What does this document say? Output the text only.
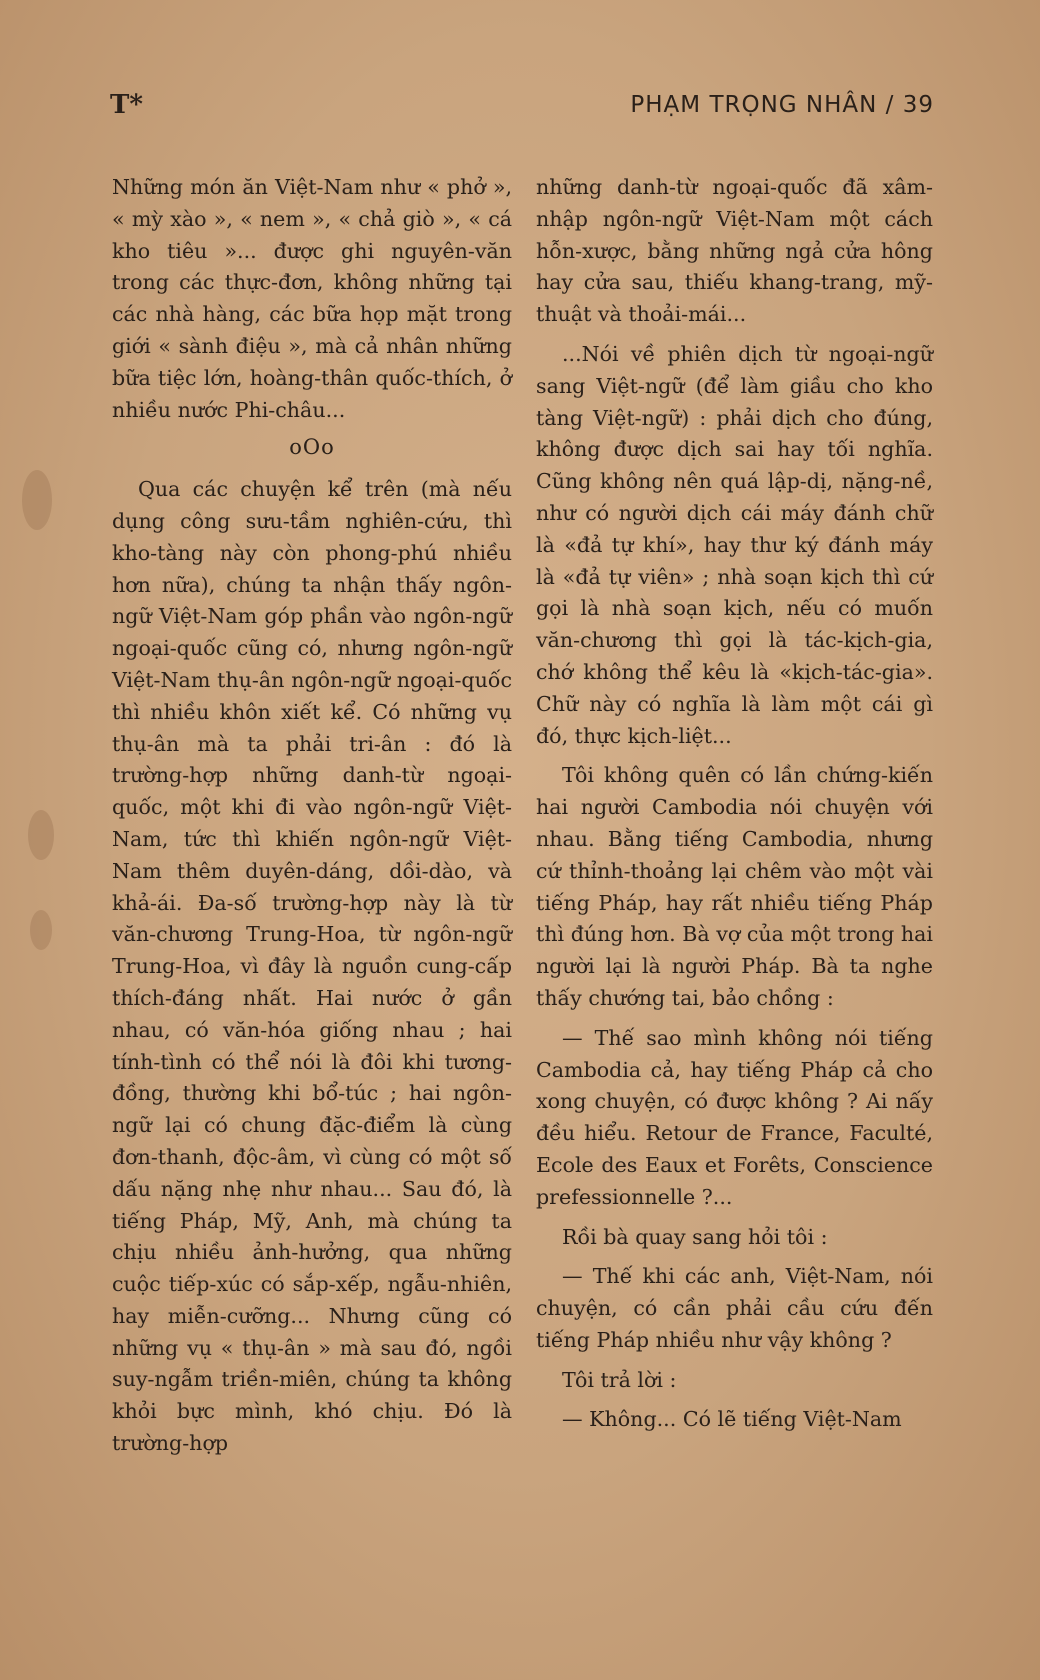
T*	PHẠM TRỌNG NHÂN / 39

Những món ăn Việt-Nam như « phở », « mỳ xào », « nem », « chả giò », « cá kho tiêu »... được ghi nguyên-văn trong các thực-đơn, không những tại các nhà hàng, các bữa họp mặt trong giới « sành điệu », mà cả nhân những bữa tiệc lớn, hoàng-thân quốc-thích, ở nhiều nước Phi-châu...

oOo

Qua các chuyện kể trên (mà nếu dụng công sưu-tầm nghiên-cứu, thì kho-tàng này còn phong-phú nhiều hơn nữa), chúng ta nhận thấy ngôn-ngữ Việt-Nam góp phần vào ngôn-ngữ ngoại-quốc cũng có, nhưng ngôn-ngữ Việt-Nam thụ-ân ngôn-ngữ ngoại-quốc thì nhiều khôn xiết kể. Có những vụ thụ-ân mà ta phải tri-ân : đó là trường-hợp những danh-từ ngoại-quốc, một khi đi vào ngôn-ngữ Việt-Nam, tức thì khiến ngôn-ngữ Việt-Nam thêm duyên-dáng, dồi-dào, và khả-ái. Đa-số trường-hợp này là từ văn-chương Trung-Hoa, từ ngôn-ngữ Trung-Hoa, vì đây là nguồn cung-cấp thích-đáng nhất. Hai nước ở gần nhau, có văn-hóa giống nhau ; hai tính-tình có thể nói là đôi khi tương-đồng, thường khi bổ-túc ; hai ngôn-ngữ lại có chung đặc-điểm là cùng đơn-thanh, độc-âm, vì cùng có một số dấu nặng nhẹ như nhau... Sau đó, là tiếng Pháp, Mỹ, Anh, mà chúng ta chịu nhiều ảnh-hưởng, qua những cuộc tiếp-xúc có sắp-xếp, ngẫu-nhiên, hay miễn-cưỡng... Nhưng cũng có những vụ « thụ-ân » mà sau đó, ngồi suy-ngẫm triền-miên, chúng ta không khỏi bực mình, khó chịu. Đó là trường-hợp

những danh-từ ngoại-quốc đã xâm-nhập ngôn-ngữ Việt-Nam một cách hỗn-xược, bằng những ngả cửa hông hay cửa sau, thiếu khang-trang, mỹ-thuật và thoải-mái...

...Nói về phiên dịch từ ngoại-ngữ sang Việt-ngữ (để làm giầu cho kho tàng Việt-ngữ) : phải dịch cho đúng, không được dịch sai hay tối nghĩa. Cũng không nên quá lập-dị, nặng-nề, như có người dịch cái máy đánh chữ là «đả tự khí», hay thư ký đánh máy là «đả tự viên» ; nhà soạn kịch thì cứ gọi là nhà soạn kịch, nếu có muốn văn-chương thì gọi là tác-kịch-gia, chớ không thể kêu là «kịch-tác-gia». Chữ này có nghĩa là làm một cái gì đó, thực kịch-liệt...

Tôi không quên có lần chứng-kiến hai người Cambodia nói chuyện với nhau. Bằng tiếng Cambodia, nhưng cứ thỉnh-thoảng lại chêm vào một vài tiếng Pháp, hay rất nhiều tiếng Pháp thì đúng hơn. Bà vợ của một trong hai người lại là người Pháp. Bà ta nghe thấy chướng tai, bảo chồng :

— Thế sao mình không nói tiếng Cambodia cả, hay tiếng Pháp cả cho xong chuyện, có được không ? Ai nấy đều hiểu. Retour de France, Faculté, Ecole des Eaux et Forêts, Conscience prefessionnelle ?...

Rồi bà quay sang hỏi tôi :

— Thế khi các anh, Việt-Nam, nói chuyện, có cần phải cầu cứu đến tiếng Pháp nhiều như vậy không ?

Tôi trả lời :

— Không... Có lẽ tiếng Việt-Nam
